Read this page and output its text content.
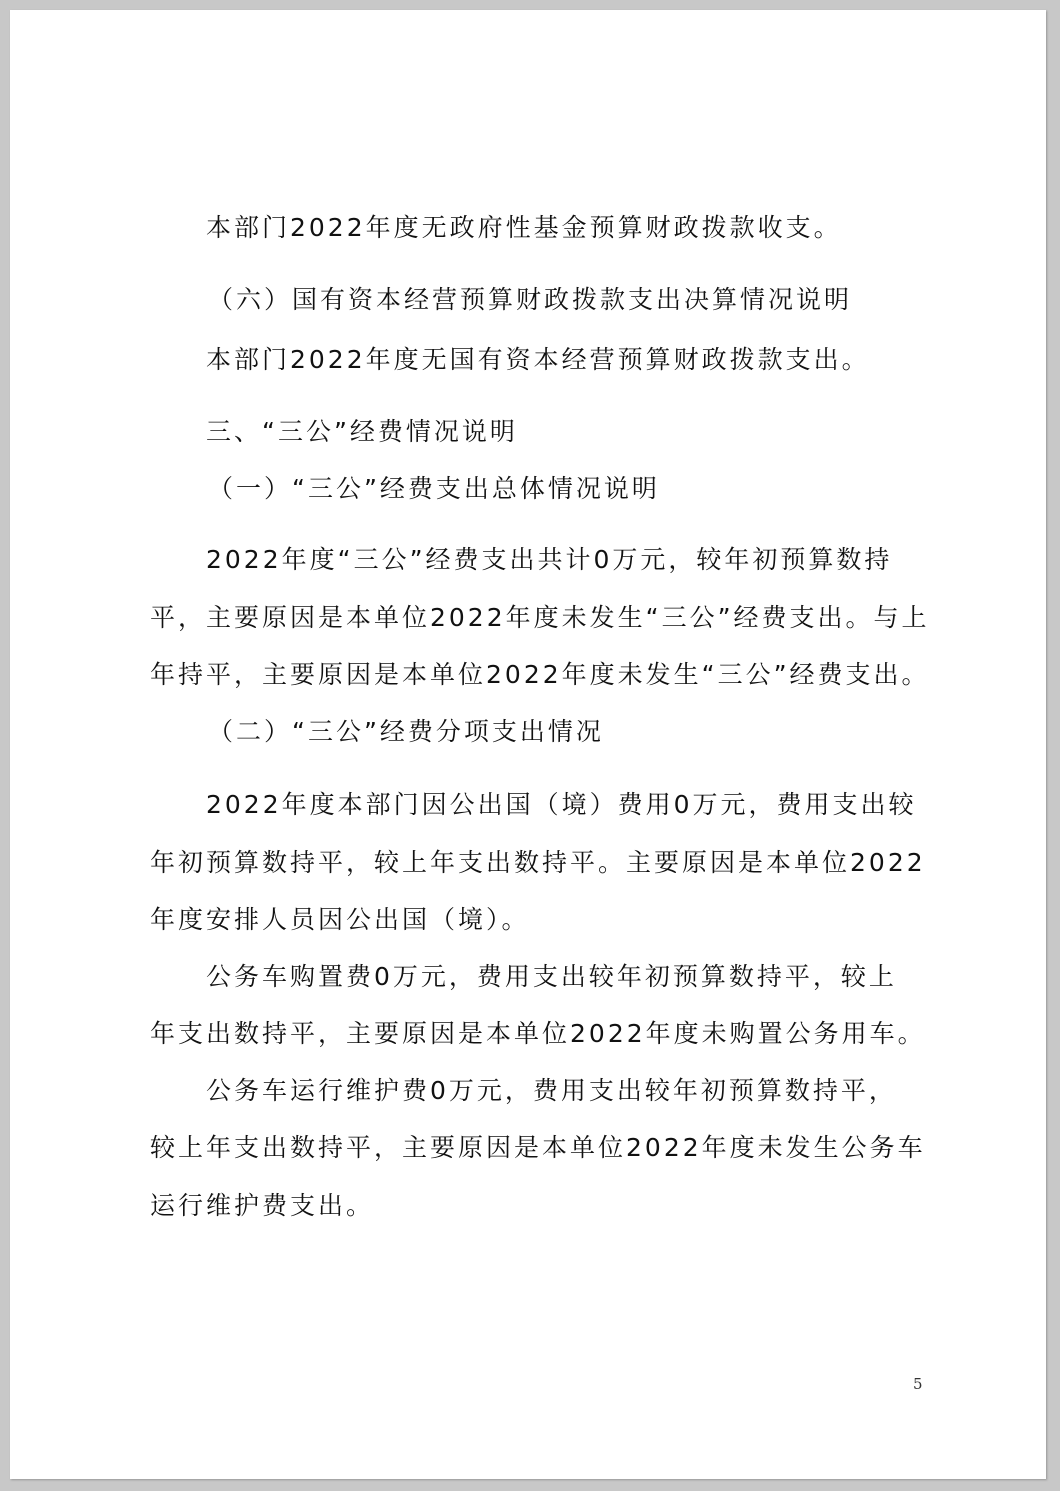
本部门2022年度无政府性基金预算财政拨款收支。
（六）国有资本经营预算财政拨款支出决算情况说明
本部门2022年度无国有资本经营预算财政拨款支出。
三、“三公”经费情况说明
（一）“三公”经费支出总体情况说明
2022年度“三公”经费支出共计0万元，较年初预算数持
平，主要原因是本单位2022年度未发生“三公”经费支出。与上
年持平，主要原因是本单位2022年度未发生“三公”经费支出。
（二）“三公”经费分项支出情况
2022年度本部门因公出国（境）费用0万元，费用支出较
年初预算数持平，较上年支出数持平。主要原因是本单位2022
年度安排人员因公出国（境）。
公务车购置费0万元，费用支出较年初预算数持平，较上
年支出数持平，主要原因是本单位2022年度未购置公务用车。
公务车运行维护费0万元，费用支出较年初预算数持平，
较上年支出数持平，主要原因是本单位2022年度未发生公务车
运行维护费支出。
5
